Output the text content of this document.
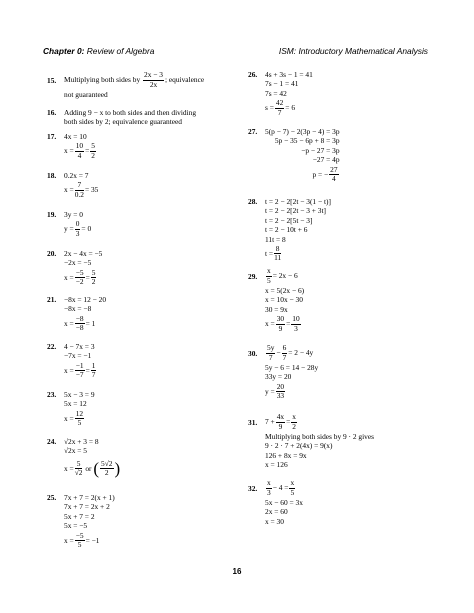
Chapter 0: Review of Algebra	ISM: Introductory Mathematical Analysis
15. Multiplying both sides by
$\frac{2x - 3}{2x}$ ; equivalence
not guaranteed
16. Adding 9 − x to both sides and then dividing
both sides by 2; equivalence guaranteed
17. 4x = 10
$x = \frac{10}{4} = \frac{5}{2}$
18. 0.2x = 7
$x = \frac{7}{0.2} = 35$
19. 3y = 0
$y = \frac{0}{3} = 0$
20. 2x − 4x = −5
−2x = −5
$x = \frac{-5}{-2} = \frac{5}{2}$
21. −8x = 12 − 20
−8x = −8
$x = \frac{-8}{-8} = 1$
22. 4 − 7x = 3
−7x = −1
$x = \frac{-1}{-7} = \frac{1}{7}$
23. 5x − 3 = 9
5x = 12
$x = \frac{12}{5}$
24. √2x + 3 = 8
√2x = 5
$x = \frac{5}{√2}$
or
( $\frac{5√2}{2}$ )
25. 7x + 7 = 2(x + 1)
7x + 7 = 2x + 2
5x + 7 = 2
5x = −5
$x = \frac{-5}{5} = -1$
26. 4s + 3s − 1 = 41
7s − 1 = 41
7s = 42
$s = \frac{42}{7} = 6$
27. 5(p − 7) − 2(3p − 4) = 3p
5p − 35 − 6p + 8 = 3p
−p − 27 = 3p
−27 = 4p
p = − $\frac{27}{4}$
28. t = 2 − 2[2t − 3(1 − t)]
t = 2 − 2[2t − 3 + 3t]
t = 2 − 2[5t − 3]
t = 2 − 10t + 6
11t = 8
$t = \frac{8}{11}$
29. $\frac{x}{5} = 2x - 6$
x = 5(2x − 6)
x = 10x − 30
30 = 9x
$x = \frac{30}{9} = \frac{10}{3}$
30. $\frac{5y}{7} - \frac{6}{7} = 2 - 4y$
5y − 6 = 14 − 28y
33y = 20
$y = \frac{20}{33}$
31. $7 + \frac{4x}{9} = \frac{x}{2}$
Multiplying both sides by 9 · 2 gives
9 · 2 · 7 + 2(4x) = 9(x)
126 + 8x = 9x
x = 126
32. $\frac{x}{3} - 4 = \frac{x}{5}$
5x − 60 = 3x
2x = 60
x = 30
16
